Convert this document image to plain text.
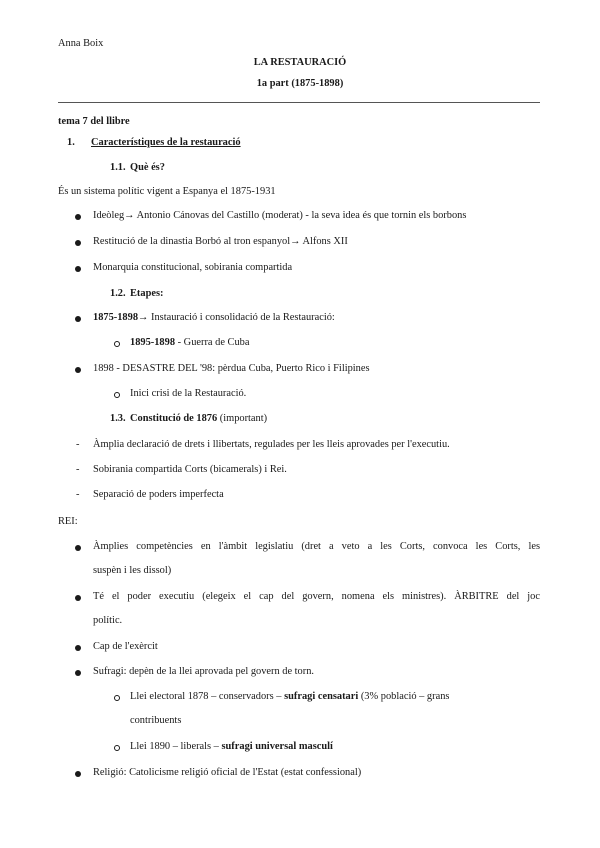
Anna Boix
LA RESTAURACIÓ
1a part (1875-1898)
tema 7 del llibre
1. Característiques de la restauració
1.1. Què és?
És un sistema polític vigent a Espanya el 1875-1931
Ideòleg→ Antonio Cánovas del Castillo (moderat) - la seva idea és que tornin els borbons
Restitució de la dinastia Borbó al tron espanyol→ Alfons XII
Monarquia constitucional, sobirania compartida
1.2. Etapes:
1875-1898→ Instauració i consolidació de la Restauració:
1895-1898 - Guerra de Cuba
1898 - DESASTRE DEL '98: pèrdua Cuba, Puerto Rico i Filipines
Inici crisi de la Restauració.
1.3. Constitució de 1876 (important)
- Àmplia declaració de drets i llibertats, regulades per les lleis aprovades per l'executiu.
- Sobirania compartida Corts (bicamerals) i Rei.
- Separació de poders imperfecta
REI:
Àmplies competències en l'àmbit legislatiu (dret a veto a les Corts, convoca les Corts, les
suspèn i les dissol)
Té el poder executiu (elegeix el cap del govern, nomena els ministres). ÀRBITRE del joc
polític.
Cap de l'exèrcit
Sufragi: depèn de la llei aprovada pel govern de torn.
Llei electoral 1878 – conservadors – sufragi censatari (3% població – grans
contribuents
Llei 1890 – liberals – sufragi universal masculí
Religió: Catolicisme religió oficial de l'Estat (estat confessional)
